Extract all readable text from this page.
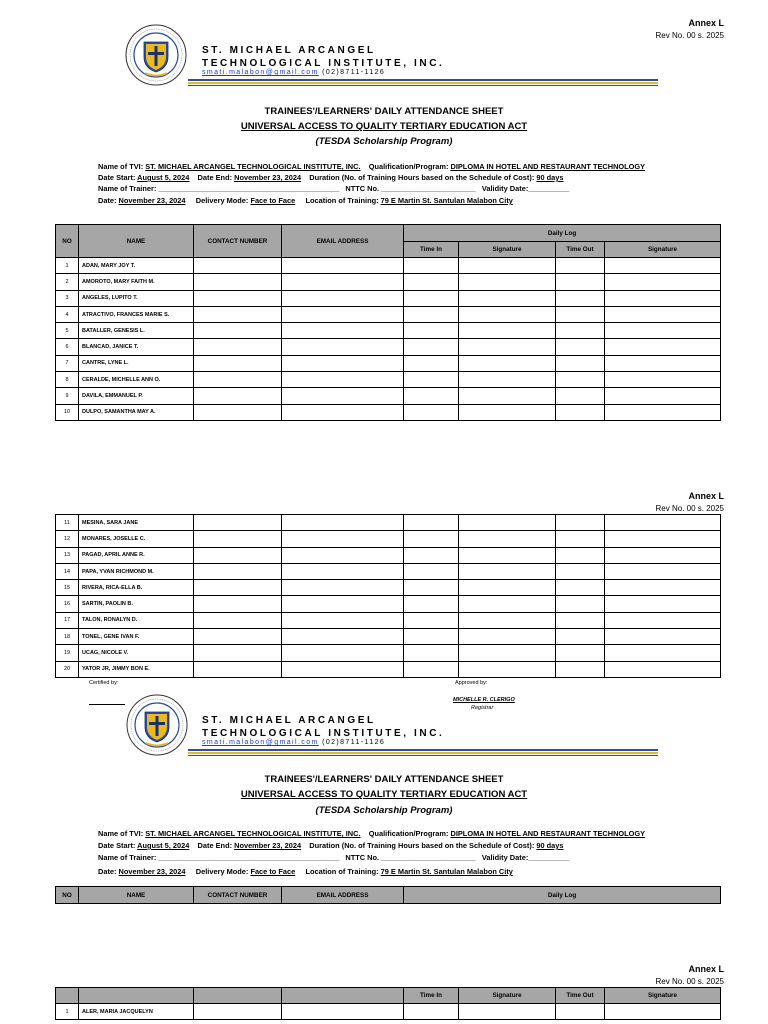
Annex L
Rev No. 00 s. 2025
ST. MICHAEL ARCANGEL
TECHNOLOGICAL INSTITUTE, INC.
smati.malabon@gmail.com (02)8711-1126
TRAINEES'/LEARNERS' DAILY ATTENDANCE SHEET
UNIVERSAL ACCESS TO QUALITY TERTIARY EDUCATION ACT
(TESDA Scholarship Program)
Name of TVI: ST. MICHAEL ARCANGEL TECHNOLOGICAL INSTITUTE, INC. Qualification/Program: DIPLOMA IN HOTEL AND RESTAURANT TECHNOLOGY
Date Start: August 5, 2024 Date End: November 23, 2024 Duration (No. of Training Hours based on the Schedule of Cost): 90 days
Name of Trainer: ____________________________________________ NTTC No. _______________________ Validity Date:__________
Date: November 23, 2024 Delivery Mode: Face to Face Location of Training: 79 E Martin St. Santulan Malabon City
NO	NAME	CONTACT NUMBER	EMAIL ADDRESS	Daily Log			
				Time In	Signature	Time Out	Signature
1	ADAN, MARY JOY T.						
2	AMOROTO, MARY FAITH M.						
3	ANGELES, LUPITO T.						
4	ATRACTIVO, FRANCES MARIE S.						
5	BATALLER, GENESIS L.						
6	BLANCAD, JANICE T.						
7	CANTRE, LYNE L.						
8	CERALDE, MICHELLE ANN O.						
9	DAVILA, EMMANUEL P.						
10	DULPO, SAMANTHA MAY A.						
Annex L
Rev No. 00 s. 2025
11	MESINA, SARA JANE						
12	MONARES, JOSELLE C.						
13	PAGAD, APRIL ANNE R.						
14	PAPA, YVAN RICHMOND M.						
15	RIVERA, RICA-ELLA B.						
16	SARTIN, PAOLIN B.						
17	TALON, RONALYN D.						
18	TONEL, GENE IVAN F.						
19	UCAG, NICOLE V.						
20	YATOR JR, JIMMY BON E.						
Certified by:	Approved by:
MICHELLE R. CLERIGO
Registrar
ST. MICHAEL ARCANGEL
TECHNOLOGICAL INSTITUTE, INC.
smati.malabon@gmail.com (02)8711-1126
TRAINEES'/LEARNERS' DAILY ATTENDANCE SHEET
UNIVERSAL ACCESS TO QUALITY TERTIARY EDUCATION ACT
(TESDA Scholarship Program)
Name of TVI: ST. MICHAEL ARCANGEL TECHNOLOGICAL INSTITUTE, INC. Qualification/Program: DIPLOMA IN HOTEL AND RESTAURANT TECHNOLOGY
Date Start: August 5, 2024 Date End: November 23, 2024 Duration (No. of Training Hours based on the Schedule of Cost): 90 days
Name of Trainer: ____________________________________________ NTTC No. _______________________ Validity Date:__________
Date: November 23, 2024 Delivery Mode: Face to Face Location of Training: 79 E Martin St. Santulan Malabon City
NO	NAME	CONTACT NUMBER	EMAIL ADDRESS	Daily Log
Annex L
Rev No. 00 s. 2025
				Time In	Signature	Time Out	Signature
1	ALER, MARIA JACQUELYN						
